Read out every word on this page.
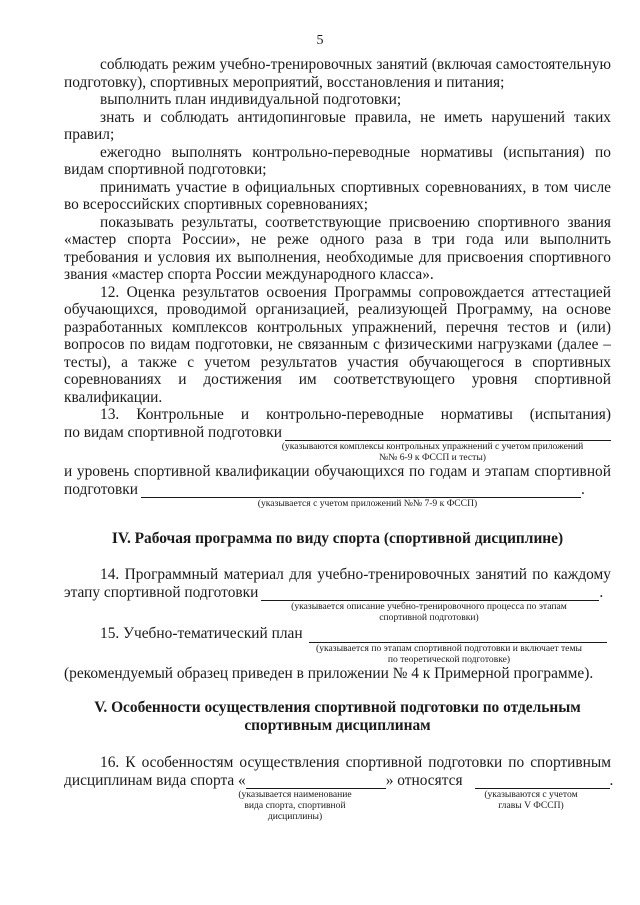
5

соблюдать режим учебно-тренировочных занятий (включая самостоятельную подготовку), спортивных мероприятий, восстановления и питания;

выполнить план индивидуальной подготовки;

знать и соблюдать антидопинговые правила, не иметь нарушений таких правил;

ежегодно выполнять контрольно-переводные нормативы (испытания) по видам спортивной подготовки;

принимать участие в официальных спортивных соревнованиях, в том числе во всероссийских спортивных соревнованиях;

показывать результаты, соответствующие присвоению спортивного звания «мастер спорта России», не реже одного раза в три года или выполнить требования и условия их выполнения, необходимые для присвоения спортивного звания «мастер спорта России международного класса».

12. Оценка результатов освоения Программы сопровождается аттестацией обучающихся, проводимой организацией, реализующей Программу, на основе разработанных комплексов контрольных упражнений, перечня тестов и (или) вопросов по видам подготовки, не связанным с физическими нагрузками (далее – тесты), а также с учетом результатов участия обучающегося в спортивных соревнованиях и достижения им соответствующего уровня спортивной квалификации.

13. Контрольные и контрольно-переводные нормативы (испытания)

по видам спортивной подготовки
(указываются комплексы контрольных упражнений с учетом приложений
№№ 6-9 к ФССП и тесты)

и уровень спортивной квалификации обучающихся по годам и этапам спортивной

подготовки	.
(указывается с учетом приложений №№ 7-9 к ФССП)
IV. Рабочая программа по виду спорта (спортивной дисциплине)

14. Программный материал для учебно-тренировочных занятий по каждому

этапу спортивной подготовки	.
(указывается описание учебно-тренировочного процесса по этапам
спортивной подготовки)
15. Учебно-тематический план
(указывается по этапам спортивной подготовки и включает темы
по теоретической подготовке)

(рекомендуемый образец приведен в приложении № 4 к Примерной программе).

V. Особенности осуществления спортивной подготовки по отдельным
спортивным дисциплинам

16. К особенностям осуществления спортивной подготовки по спортивным

дисциплинам вида спорта «	» относятся	.
(указывается наименование
вида спорта, спортивной
дисциплины)
(указываются с учетом
главы V ФССП)
